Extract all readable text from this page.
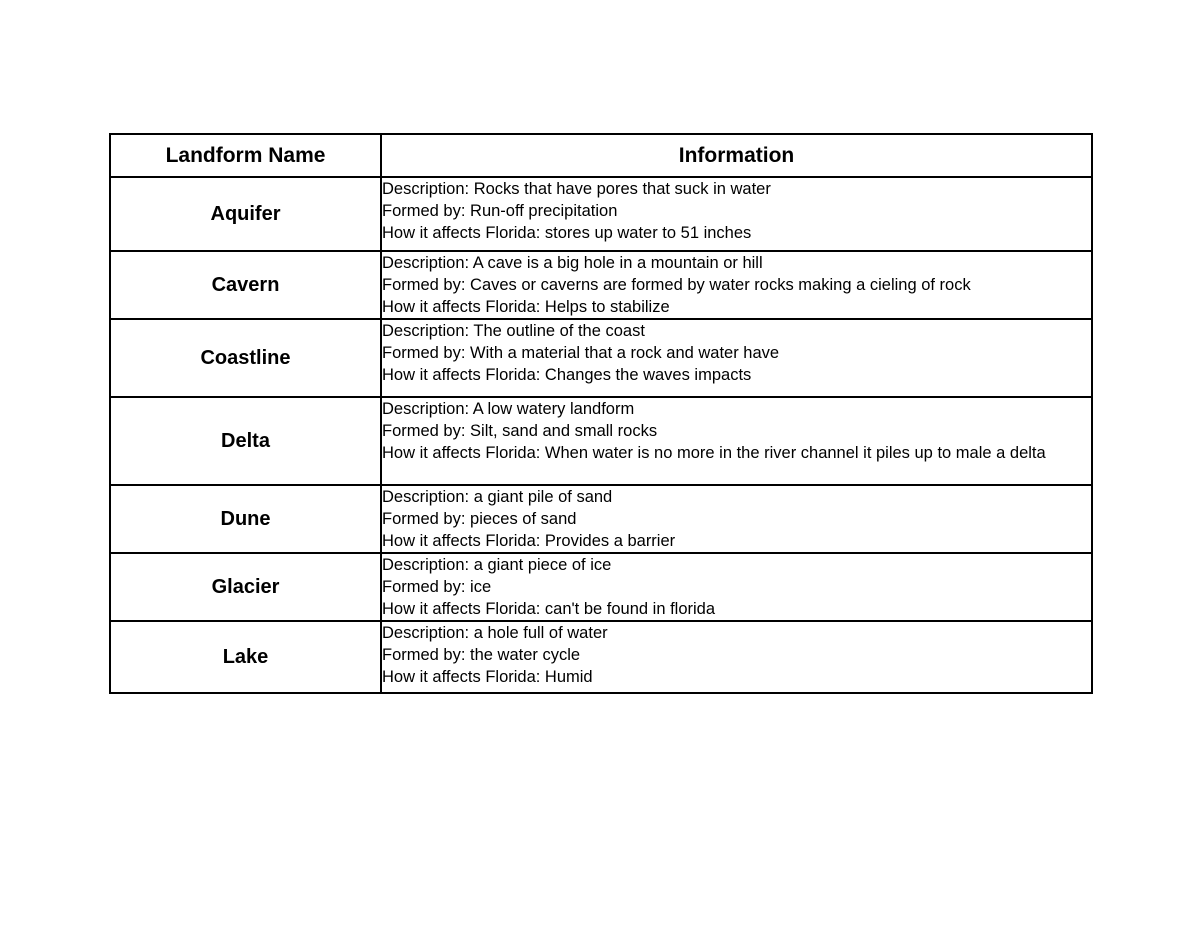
Landform Name	Information
Aquifer	Description: Rocks that have pores that suck in water
Formed by: Run-off precipitation
How it affects Florida: stores up water to 51 inches

Cavern	Description: A cave is a big hole in a mountain or hill
Formed by: Caves or caverns are formed by water rocks making a cieling of rock
How it affects Florida: Helps to stabilize

Coastline	Description: The outline of the coast
Formed by: With a material that a rock and water have
How it affects Florida: Changes the waves impacts

Delta	Description: A low watery landform
Formed by: Silt, sand and small rocks
How it affects Florida: When water is no more in the river channel it piles up to male a delta

Dune	Description: a giant pile of sand
Formed by: pieces of sand
How it affects Florida: Provides a barrier

Glacier	Description: a giant piece of ice
Formed by: ice
How it affects Florida: can't be found in florida

Lake	Description: a hole full of water
Formed by: the water cycle
How it affects Florida: Humid
